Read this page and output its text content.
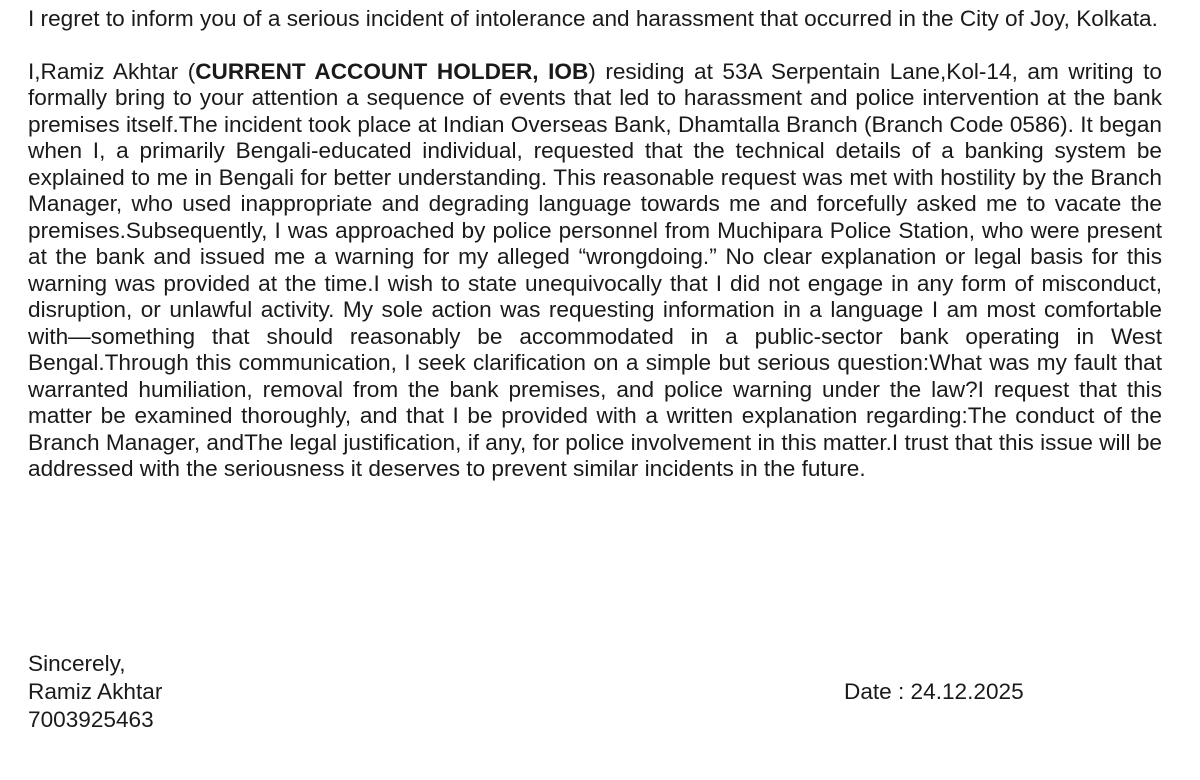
I regret to inform you of a serious incident of intolerance and harassment that occurred in the City of Joy, Kolkata.

I,Ramiz Akhtar (CURRENT ACCOUNT HOLDER, IOB) residing at 53A Serpentain Lane,Kol-14, am writing to formally bring to your attention a sequence of events that led to harassment and police intervention at the bank premises itself.The incident took place at Indian Overseas Bank, Dhamtalla Branch (Branch Code 0586). It began when I, a primarily Bengali-educated individual, requested that the technical details of a banking system be explained to me in Bengali for better understanding. This reasonable request was met with hostility by the Branch Manager, who used inappropriate and degrading language towards me and forcefully asked me to vacate the premises.Subsequently, I was approached by police personnel from Muchipara Police Station, who were present at the bank and issued me a warning for my alleged “wrongdoing.” No clear explanation or legal basis for this warning was provided at the time.I wish to state unequivocally that I did not engage in any form of misconduct, disruption, or unlawful activity. My sole action was requesting information in a language I am most comfortable with—something that should reasonably be accommodated in a public-sector bank operating in West Bengal.Through this communication, I seek clarification on a simple but serious question:What was my fault that warranted humiliation, removal from the bank premises, and police warning under the law?I request that this matter be examined thoroughly, and that I be provided with a written explanation regarding:The conduct of the Branch Manager, andThe legal justification, if any, for police involvement in this matter.I trust that this issue will be addressed with the seriousness it deserves to prevent similar incidents in the future.

Sincerely,
Ramiz Akhtar
7003925463
Date : 24.12.2025
